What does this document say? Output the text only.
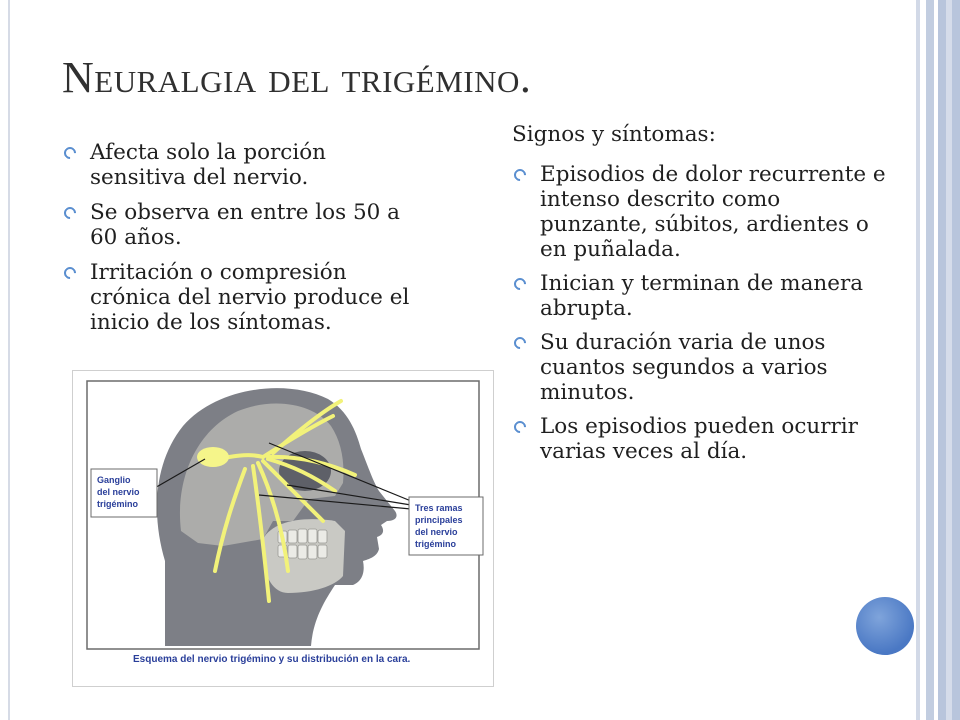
Neuralgia del trigémino.
Afecta solo la porción sensitiva del nervio.
Se observa en entre los 50 a 60 años.
Irritación o compresión crónica del nervio produce el inicio de los síntomas.
Signos y síntomas:
Episodios de dolor recurrente e intenso descrito como punzante, súbitos, ardientes o en puñalada.
Inician y terminan de manera abrupta.
Su duración varia de unos cuantos segundos a varios minutos.
Los episodios pueden ocurrir varias veces al día.
Ganglio
del nervio
trigémino	Tres ramas
principales
del nervio
trigémino
Esquema del nervio trigémino y su distribución en la cara.
